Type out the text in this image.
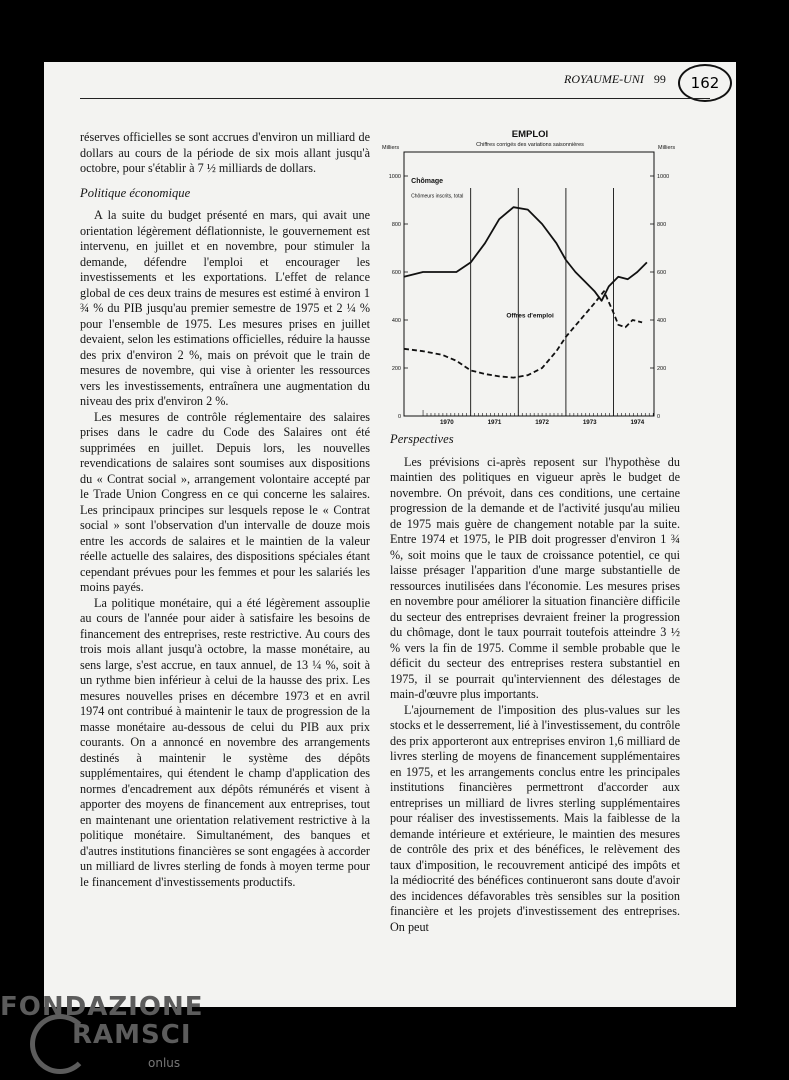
ROYAUME-UNI 99	162

réserves officielles se sont accrues d'environ un milliard de dollars au cours de la période de six mois allant jusqu'à octobre, pour s'établir à 7 ½ milliards de dollars.

Politique économique

A la suite du budget présenté en mars, qui avait une orientation légèrement déflationniste, le gouvernement est intervenu, en juillet et en novembre, pour stimuler la demande, défendre l'emploi et encourager les investissements et les exportations. L'effet de relance global de ces deux trains de mesures est estimé à environ 1 ¾ % du PIB jusqu'au premier semestre de 1975 et 2 ¼ % pour l'ensemble de 1975. Les mesures prises en juillet devaient, selon les estimations officielles, réduire la hausse des prix d'environ 2 %, mais on prévoit que le train de mesures de novembre, qui vise à orienter les ressources vers les investissements, entraînera une augmentation du niveau des prix d'environ 2 %.

Les mesures de contrôle réglementaire des salaires prises dans le cadre du Code des Salaires ont été supprimées en juillet. Depuis lors, les nouvelles revendications de salaires sont soumises aux dispositions du « Contrat social », arrangement volontaire accepté par le Trade Union Congress en ce qui concerne les salaires. Les principaux principes sur lesquels repose le « Contrat social » sont l'observation d'un intervalle de douze mois entre les accords de salaires et le maintien de la valeur réelle actuelle des salaires, des dispositions spéciales étant cependant prévues pour les femmes et pour les salariés les moins payés.

La politique monétaire, qui a été légèrement assouplie au cours de l'année pour aider à satisfaire les besoins de financement des entreprises, reste restrictive. Au cours des trois mois allant jusqu'à octobre, la masse monétaire, au sens large, s'est accrue, en taux annuel, de 13 ¼ %, soit à un rythme bien inférieur à celui de la hausse des prix. Les mesures nouvelles prises en décembre 1973 et en avril 1974 ont contribué à maintenir le taux de progression de la masse monétaire au-dessous de celui du PIB aux prix courants. On a annoncé en novembre des arrangements destinés à maintenir le système des dépôts supplémentaires, qui étendent le champ d'application des normes d'encadrement aux dépôts rémunérés et visent à apporter des moyens de financement aux entreprises, tout en maintenant une orientation relativement restrictive à la politique monétaire. Simultanément, des banques et d'autres institutions financières se sont engagées à accorder un milliard de livres sterling de fonds à moyen terme pour le financement d'investissements productifs.

EMPLOI
Chiffres corrigés des variations saisonnières
Milliers	Milliers
0	0
200	200
400	400
600	600
800	800
1000	1000
1970	1971	1972	1973	1974
Chômage
Chômeurs inscrits, total
Offres d'emploi
Perspectives

Les prévisions ci-après reposent sur l'hypothèse du maintien des politiques en vigueur après le budget de novembre. On prévoit, dans ces conditions, une certaine progression de la demande et de l'activité jusqu'au milieu de 1975 mais guère de changement notable par la suite. Entre 1974 et 1975, le PIB doit progresser d'environ 1 ¾ %, soit moins que le taux de croissance potentiel, ce qui laisse présager l'apparition d'une marge substantielle de ressources inutilisées dans l'économie. Les mesures prises en novembre pour améliorer la situation financière difficile du secteur des entreprises devraient freiner la progression du chômage, dont le taux pourrait toutefois atteindre 3 ½ % vers la fin de 1975. Comme il semble probable que le déficit du secteur des entreprises restera substantiel en 1975, il se pourrait qu'interviennent des délestages de main-d'œuvre plus importants.

L'ajournement de l'imposition des plus-values sur les stocks et le desserrement, lié à l'investissement, du contrôle des prix apporteront aux entreprises environ 1,6 milliard de livres sterling de moyens de financement supplémentaires en 1975, et les arrangements conclus entre les principales institutions financières permettront d'accorder aux entreprises un milliard de livres sterling supplémentaires pour réaliser des investissements. Mais la faiblesse de la demande intérieure et extérieure, le maintien des mesures de contrôle des prix et des bénéfices, le relèvement des taux d'imposition, le recouvrement anticipé des impôts et la médiocrité des bénéfices continueront sans doute d'avoir des incidences défavorables très sensibles sur la position financière et les projets d'investissement des entreprises. On peut

FONDAZIONE
RAMSCI
onlus
